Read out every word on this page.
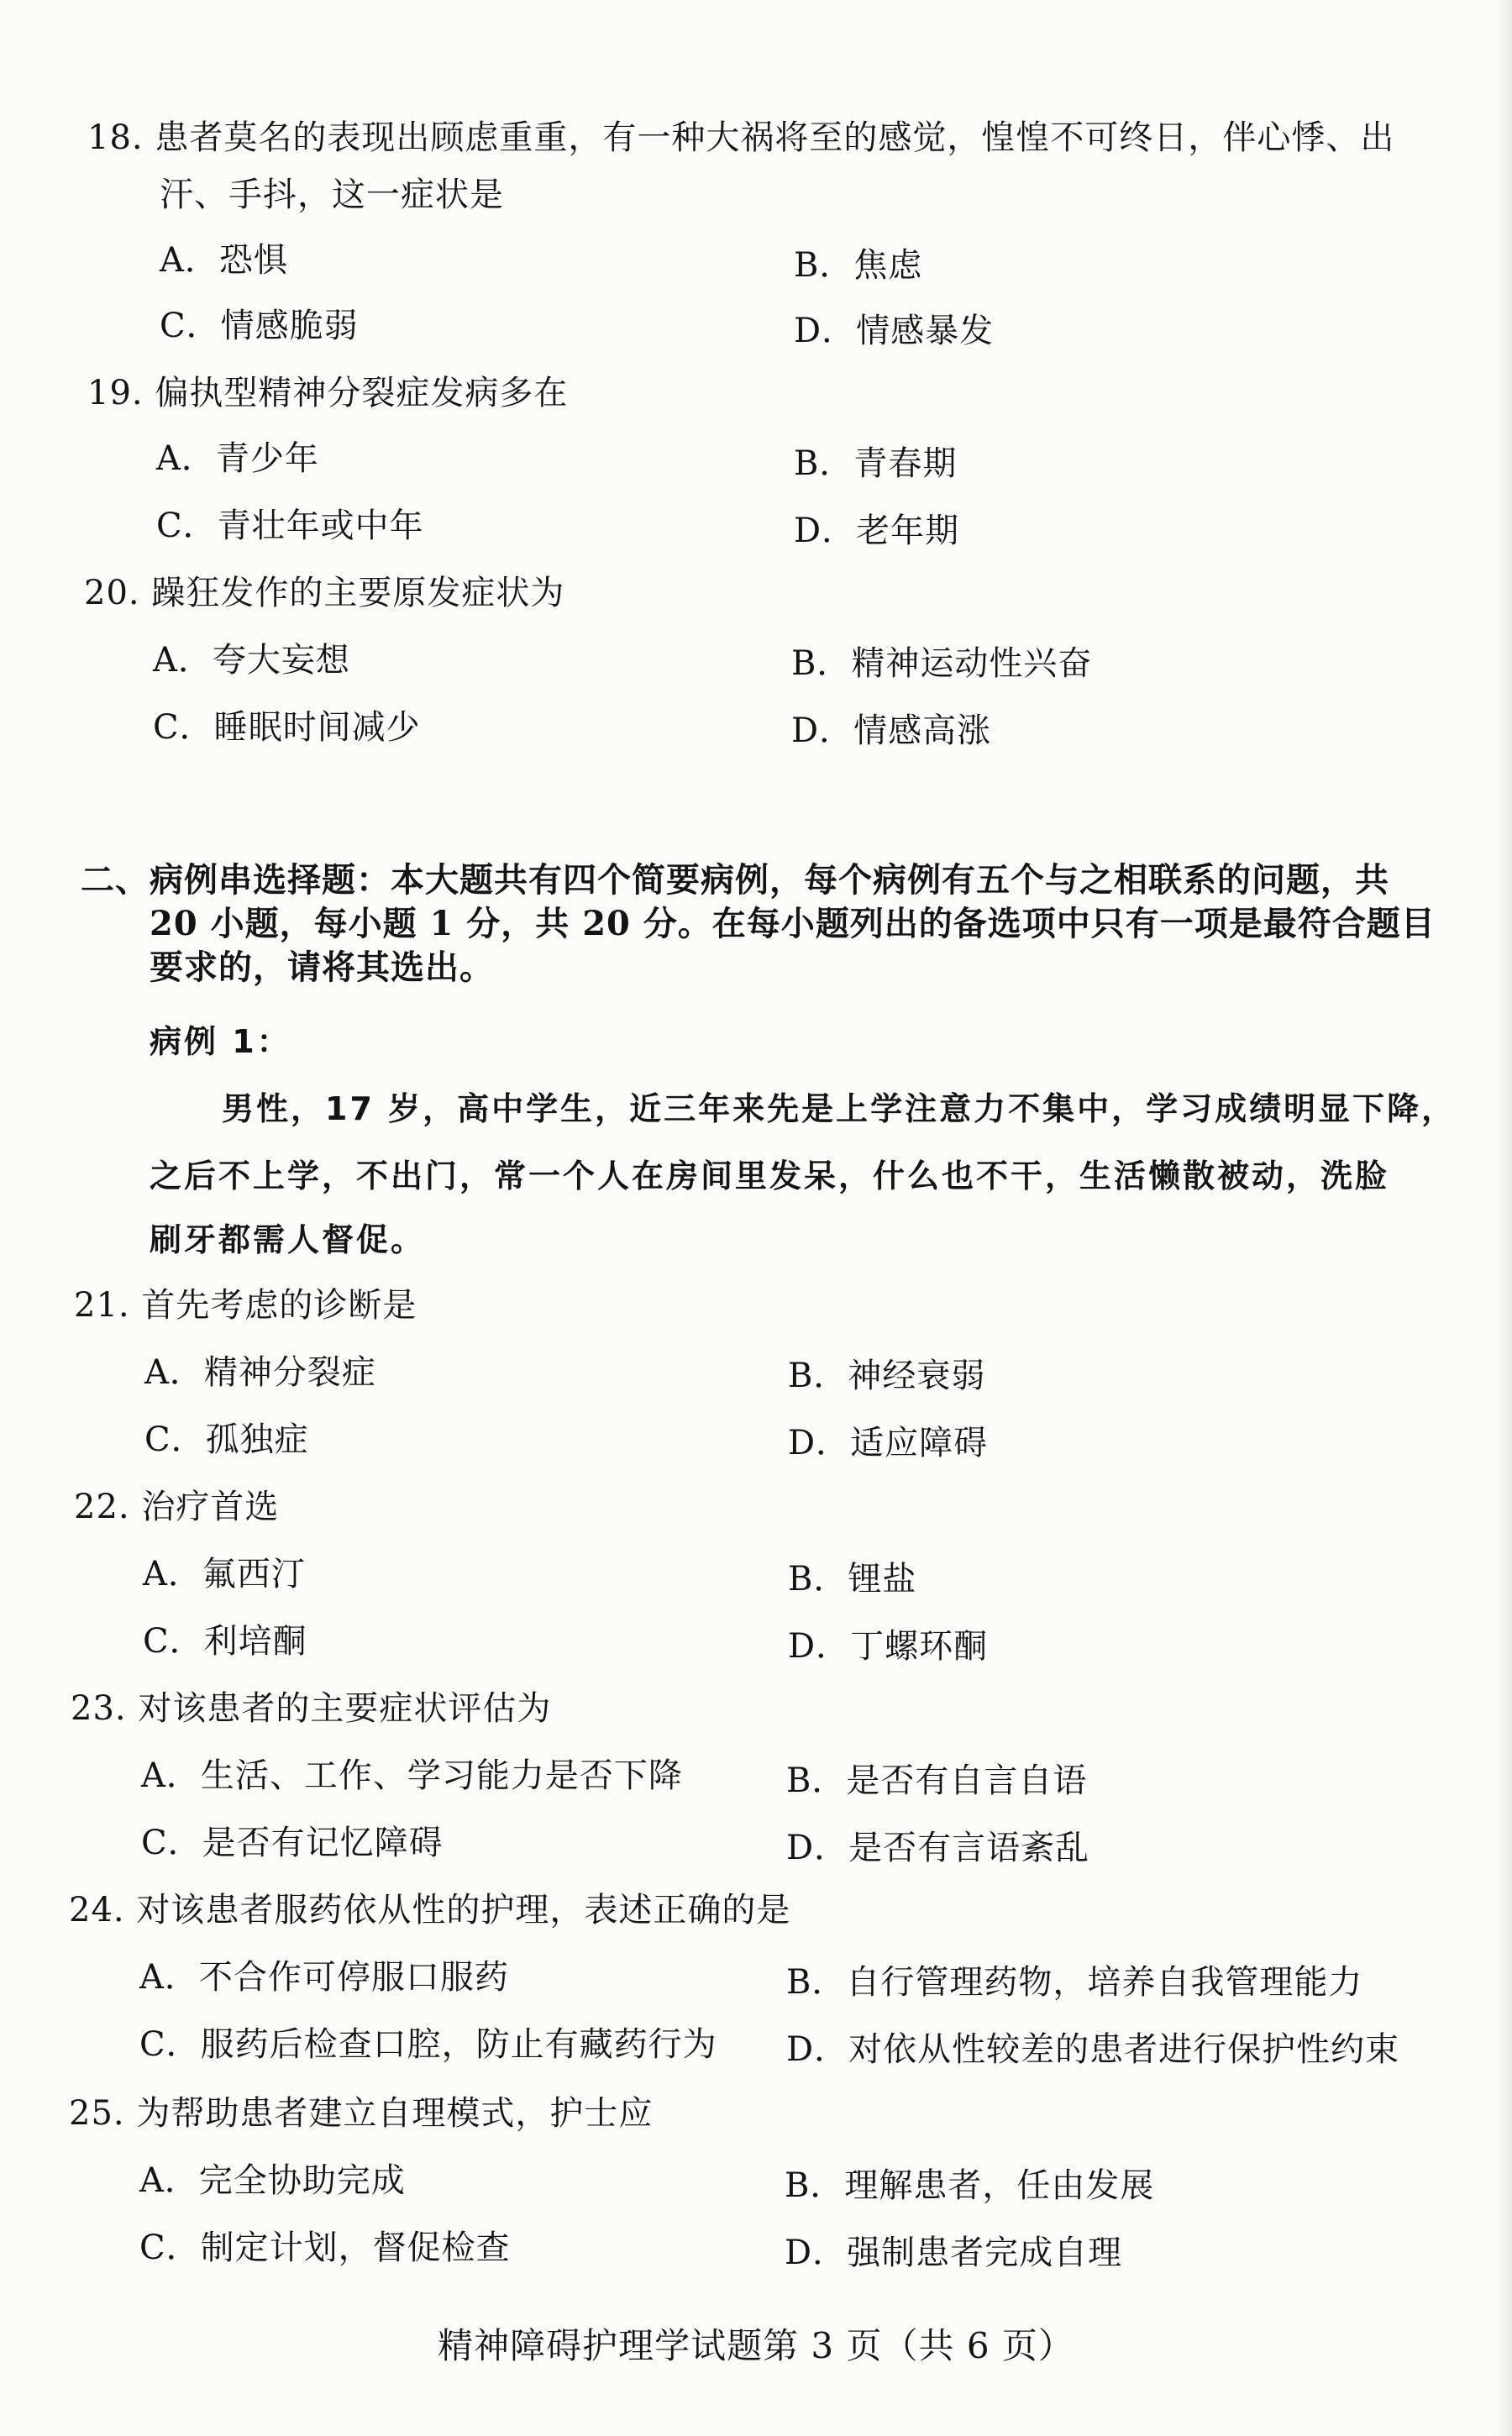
18. 患者莫名的表现出顾虑重重，有一种大祸将至的感觉，惶惶不可终日，伴心悸、出
汗、手抖，这一症状是
A．恐惧	B．焦虑
C．情感脆弱	D．情感暴发
19. 偏执型精神分裂症发病多在
A．青少年	B．青春期
C．青壮年或中年	D．老年期
20. 躁狂发作的主要原发症状为
A．夸大妄想	B．精神运动性兴奋
C．睡眠时间减少	D．情感高涨
二、病例串选择题：本大题共有四个简要病例，每个病例有五个与之相联系的问题，共
20 小题，每小题 1 分，共 20 分。在每小题列出的备选项中只有一项是最符合题目
要求的，请将其选出。
病例 1：
男性，17 岁，高中学生，近三年来先是上学注意力不集中，学习成绩明显下降，
之后不上学，不出门，常一个人在房间里发呆，什么也不干，生活懒散被动，洗脸
刷牙都需人督促。
21. 首先考虑的诊断是
A．精神分裂症	B．神经衰弱
C．孤独症	D．适应障碍
22. 治疗首选
A．氟西汀	B．锂盐
C．利培酮	D．丁螺环酮
23. 对该患者的主要症状评估为
A．生活、工作、学习能力是否下降	B．是否有自言自语
C．是否有记忆障碍	D．是否有言语紊乱
24. 对该患者服药依从性的护理，表述正确的是
A．不合作可停服口服药	B．自行管理药物，培养自我管理能力
C．服药后检查口腔，防止有藏药行为 D．对依从性较差的患者进行保护性约束
25. 为帮助患者建立自理模式，护士应
A．完全协助完成	B．理解患者，任由发展
C．制定计划，督促检查	D．强制患者完成自理
精神障碍护理学试题第 3 页（共 6 页）
